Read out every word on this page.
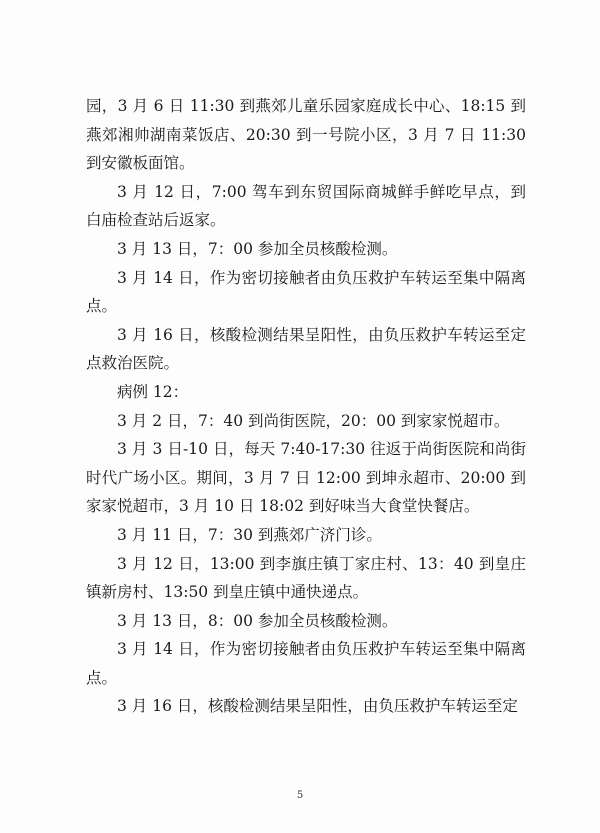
园，3 月 6 日 11:30 到燕郊儿童乐园家庭成长中心、18:15 到燕郊湘帅湖南菜饭店、20:30 到一号院小区，3 月 7 日 11:30 到安徽板面馆。

3 月 12 日，7:00 驾车到东贸国际商城鲜手鲜吃早点，到白庙检查站后返家。

3 月 13 日，7：00 参加全员核酸检测。

3 月 14 日，作为密切接触者由负压救护车转运至集中隔离点。

3 月 16 日，核酸检测结果呈阳性，由负压救护车转运至定点救治医院。

病例 12：

3 月 2 日，7：40 到尚街医院，20：00 到家家悦超市。

3 月 3 日-10 日，每天 7:40-17:30 往返于尚街医院和尚街时代广场小区。期间，3 月 7 日 12:00 到坤永超市、20:00 到家家悦超市，3 月 10 日 18:02 到好味当大食堂快餐店。

3 月 11 日，7：30 到燕郊广济门诊。

3 月 12 日，13:00 到李旗庄镇丁家庄村、13：40 到皇庄镇新房村、13:50 到皇庄镇中通快递点。

3 月 13 日，8：00 参加全员核酸检测。

3 月 14 日，作为密切接触者由负压救护车转运至集中隔离点。

3 月 16 日，核酸检测结果呈阳性，由负压救护车转运至定

5
